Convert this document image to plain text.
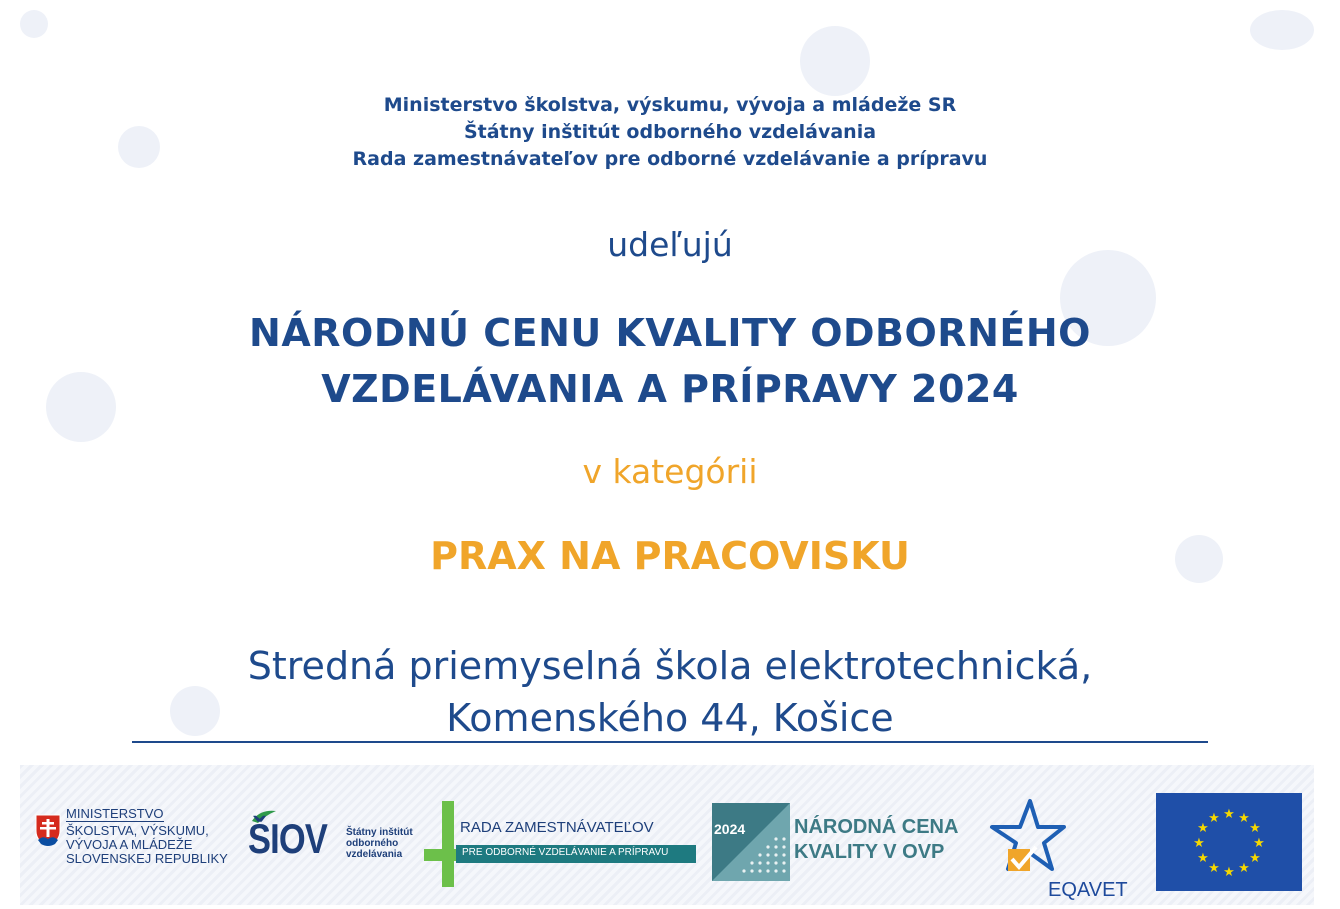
Ministerstvo školstva, výskumu, vývoja a mládeže SR
Štátny inštitút odborného vzdelávania
Rada zamestnávateľov pre odborné vzdelávanie a prípravu
udeľujú
NÁRODNÚ CENU KVALITY ODBORNÉHO
VZDELÁVANIA A PRÍPRAVY 2024
v kategórii
PRAX NA PRACOVISKU
Stredná priemyselná škola elektrotechnická,
Komenského 44, Košice
MINISTERSTVO
ŠKOLSTVA, VÝSKUMU,
VÝVOJA A MLÁDEŽE
SLOVENSKEJ REPUBLIKY ŠIOV Štátny inštitút
odborného
vzdelávania
RADA ZAMESTNÁVATEĽOV
PRE ODBORNÉ VZDELÁVANIE A PRÍPRAVU
2024 NÁRODNÁ CENA
KVALITY V OVP
EQAVET
★ ★
★
★
★
★
★
★
★
★
★
★
